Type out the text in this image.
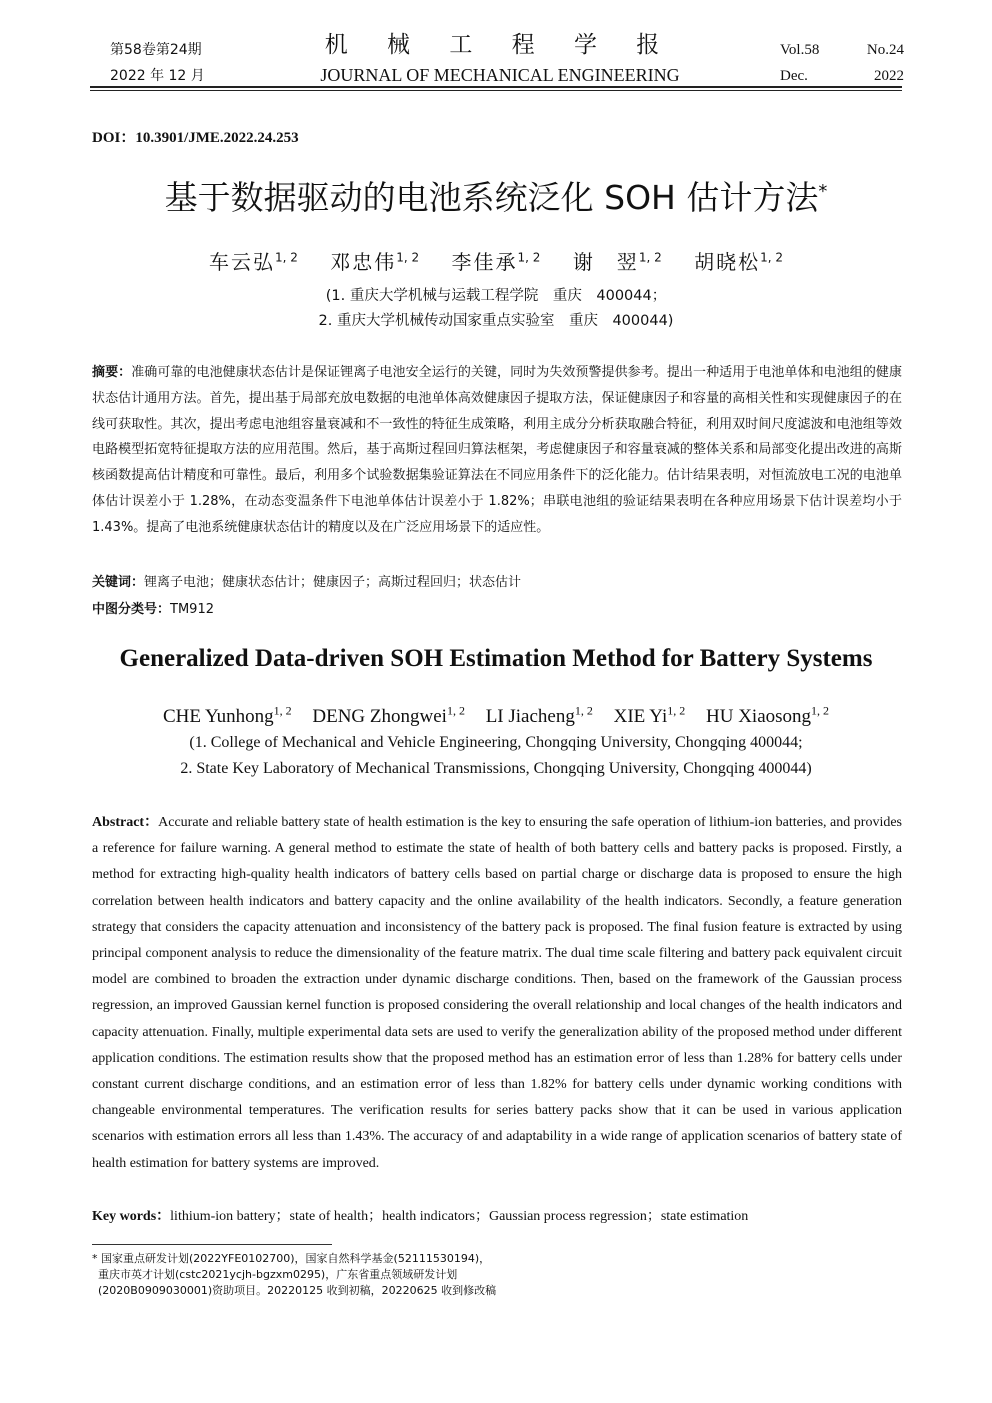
第58卷第24期
2022 年 12 月
机 械 工 程 学 报
JOURNAL OF MECHANICAL ENGINEERING
Vol.58	No.24
Dec.	2022
DOI：10.3901/JME.2022.24.253
基于数据驱动的电池系统泛化 SOH 估计方法*
车云弘$^{1, 2}$ 邓忠伟$^{1, 2}$ 李佳承$^{1, 2}$ 谢　翌$^{1, 2}$ 胡晓松$^{1, 2}$
(1. 重庆大学机械与运载工程学院　重庆　400044；
2. 重庆大学机械传动国家重点实验室　重庆　400044)
摘要：准确可靠的电池健康状态估计是保证锂离子电池安全运行的关键，同时为失效预警提供参考。提出一种适用于电池单体和电池组的健康状态估计通用方法。首先，提出基于局部充放电数据的电池单体高效健康因子提取方法，保证健康因子和容量的高相关性和实现健康因子的在线可获取性。其次，提出考虑电池组容量衰减和不一致性的特征生成策略，利用主成分分析获取融合特征，利用双时间尺度滤波和电池组等效电路模型拓宽特征提取方法的应用范围。然后，基于高斯过程回归算法框架，考虑健康因子和容量衰减的整体关系和局部变化提出改进的高斯核函数提高估计精度和可靠性。最后，利用多个试验数据集验证算法在不同应用条件下的泛化能力。估计结果表明，对恒流放电工况的电池单体估计误差小于 1.28%，在动态变温条件下电池单体估计误差小于 1.82%；串联电池组的验证结果表明在各种应用场景下估计误差均小于 1.43%。提高了电池系统健康状态估计的精度以及在广泛应用场景下的适应性。
关键词：锂离子电池；健康状态估计；健康因子；高斯过程回归；状态估计
中图分类号：TM912
Generalized Data-driven SOH Estimation Method for Battery Systems
CHE Yunhong$^{1, 2}$ DENG Zhongwei$^{1, 2}$ LI Jiacheng$^{1, 2}$ XIE Yi$^{1, 2}$ HU Xiaosong$^{1, 2}$
(1. College of Mechanical and Vehicle Engineering, Chongqing University, Chongqing 400044;
2. State Key Laboratory of Mechanical Transmissions, Chongqing University, Chongqing 400044)
Abstract：Accurate and reliable battery state of health estimation is the key to ensuring the safe operation of lithium-ion batteries, and provides a reference for failure warning. A general method to estimate the state of health of both battery cells and battery packs is proposed. Firstly, a method for extracting high-quality health indicators of battery cells based on partial charge or discharge data is proposed to ensure the high correlation between health indicators and battery capacity and the online availability of the health indicators. Secondly, a feature generation strategy that considers the capacity attenuation and inconsistency of the battery pack is proposed. The final fusion feature is extracted by using principal component analysis to reduce the dimensionality of the feature matrix. The dual time scale filtering and battery pack equivalent circuit model are combined to broaden the extraction under dynamic discharge conditions. Then, based on the framework of the Gaussian process regression, an improved Gaussian kernel function is proposed considering the overall relationship and local changes of the health indicators and capacity attenuation. Finally, multiple experimental data sets are used to verify the generalization ability of the proposed method under different application conditions. The estimation results show that the proposed method has an estimation error of less than 1.28% for battery cells under constant current discharge conditions, and an estimation error of less than 1.82% for battery cells under dynamic working conditions with changeable environmental temperatures. The verification results for series battery packs show that it can be used in various application scenarios with estimation errors all less than 1.43%. The accuracy of and adaptability in a wide range of application scenarios of battery state of health estimation for battery systems are improved.
Key words：lithium-ion battery；state of health；health indicators；Gaussian process regression；state estimation
* 国家重点研发计划(2022YFE0102700)，国家自然科学基金(52111530194)，
重庆市英才计划(cstc2021ycjh-bgzxm0295)，广东省重点领域研发计划
(2020B0909030001)资助项目。20220125 收到初稿，20220625 收到修改稿
